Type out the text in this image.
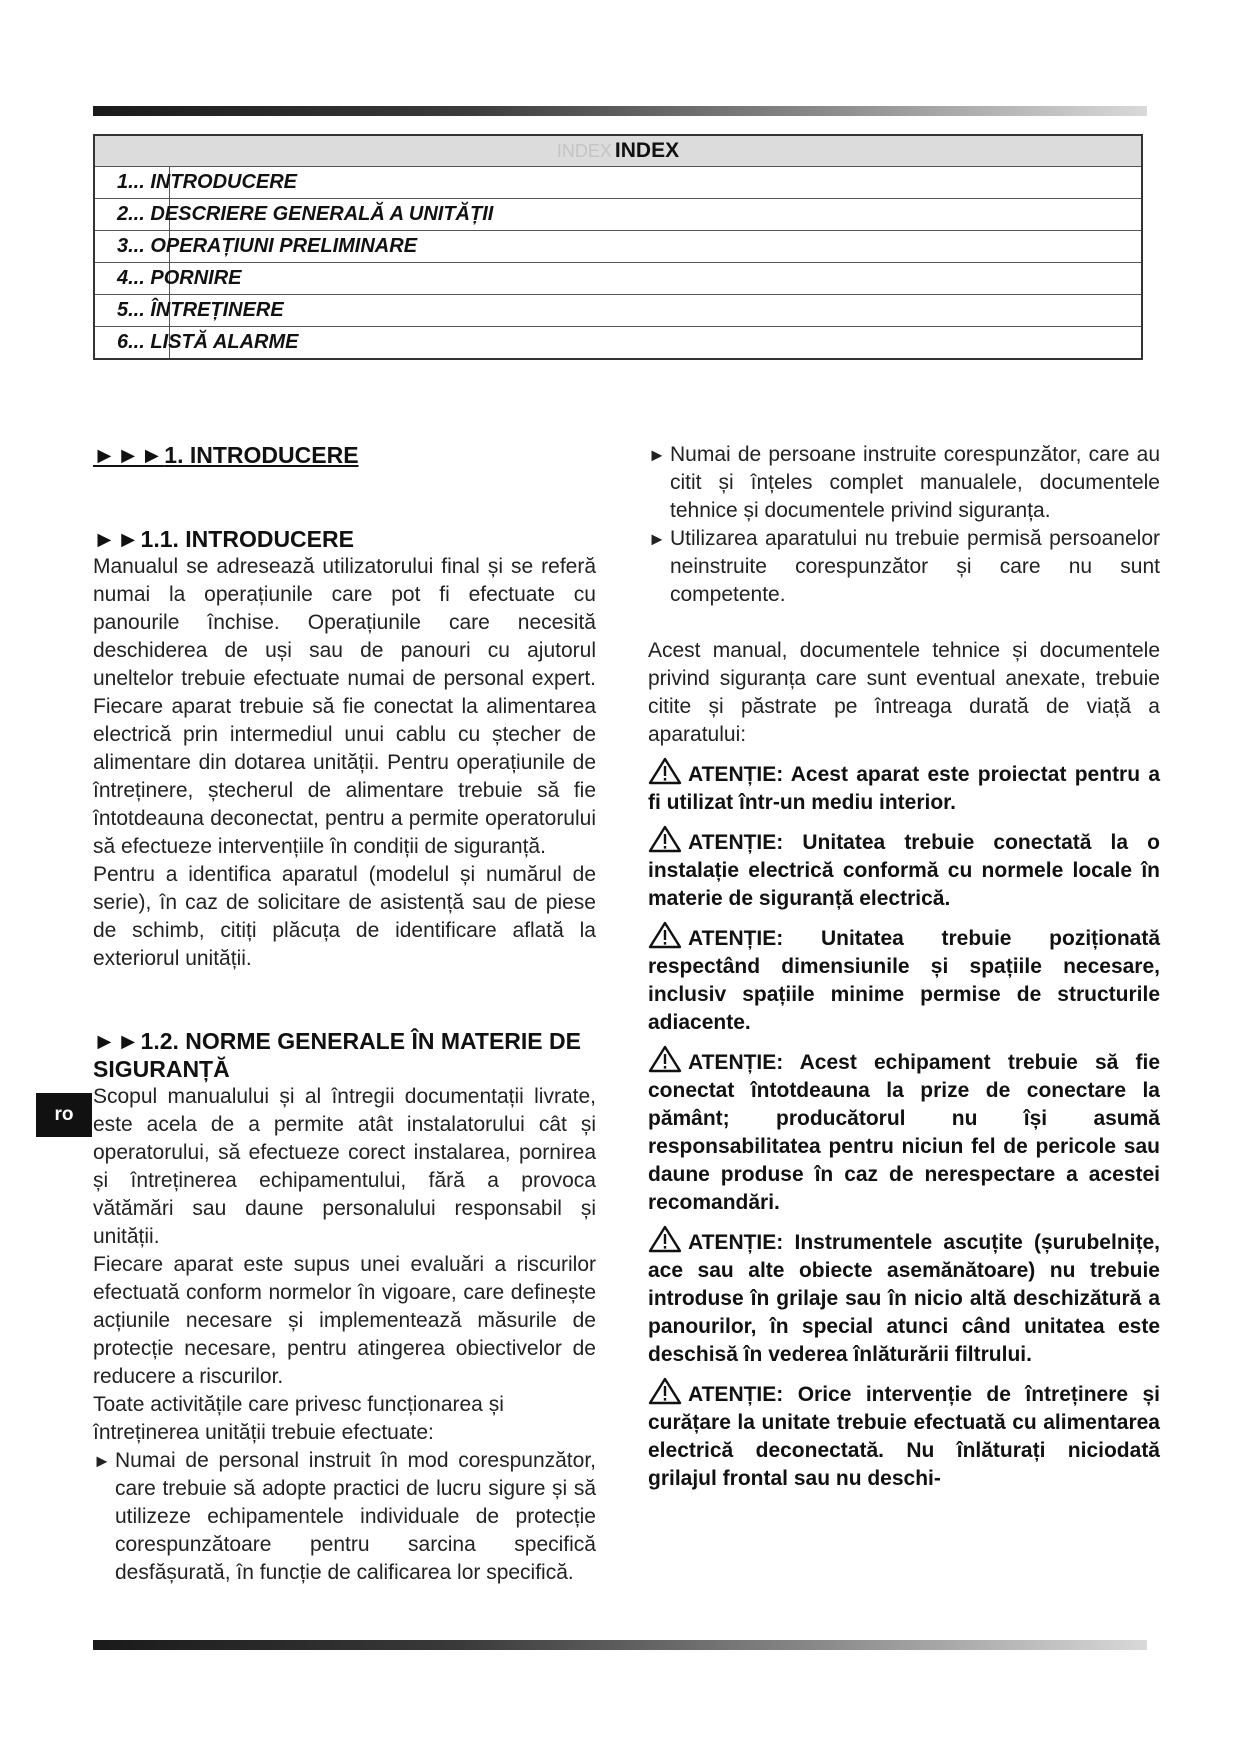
INDEX INDEX
1... INTRODUCERE
2... DESCRIERE GENERALĂ A UNITĂȚII
3... OPERAȚIUNI PRELIMINARE
4... PORNIRE
5... ÎNTREȚINERE
6... LISTĂ ALARME
►►►1. INTRODUCERE
►►1.1. INTRODUCERE

Manualul se adresează utilizatorului final și se referă numai la operațiunile care pot fi efectuate cu panourile închise. Operațiunile care necesită deschiderea de uși sau de panouri cu ajutorul uneltelor trebuie efectuate numai de personal expert. Fiecare aparat trebuie să fie conectat la alimentarea electrică prin intermediul unui cablu cu ștecher de alimentare din dotarea unității. Pentru operațiunile de întreținere, ștecherul de alimentare trebuie să fie întotdeauna deconectat, pentru a permite operatorului să efectueze intervențiile în condiții de siguranță.

Pentru a identifica aparatul (modelul și numărul de serie), în caz de solicitare de asistență sau de piese de schimb, citiți plăcuța de identificare aflată la exteriorul unității.

►►1.2. NORME GENERALE ÎN MATERIE DE SIGURANȚĂ

Scopul manualului și al întregii documentații livrate, este acela de a permite atât instalatorului cât și operatorului, să efectueze corect instalarea, pornirea și întreținerea echipamentului, fără a provoca vătămări sau daune personalului responsabil și unității.

Fiecare aparat este supus unei evaluări a riscurilor efectuată conform normelor în vigoare, care definește acțiunile necesare și implementează măsurile de protecție necesare, pentru atingerea obiectivelor de reducere a riscurilor.

Toate activitățile care privesc funcționarea și întreținerea unității trebuie efectuate:

► Numai de personal instruit în mod corespunzător, care trebuie să adopte practici de lucru sigure și să utilizeze echipamentele individuale de protecție corespunzătoare pentru sarcina specifică desfășurată, în funcție de calificarea lor specifică.
► Numai de persoane instruite corespunzător, care au citit și înțeles complet manualele, documentele tehnice și documentele privind siguranța.
► Utilizarea aparatului nu trebuie permisă persoanelor neinstruite corespunzător și care nu sunt competente.

Acest manual, documentele tehnice și documentele privind siguranța care sunt eventual anexate, trebuie citite și păstrate pe întreaga durată de viață a aparatului:

ATENȚIE: Acest aparat este proiectat pentru a fi utilizat într-un mediu interior.
ATENȚIE: Unitatea trebuie conectată la o instalație electrică conformă cu normele locale în materie de siguranță electrică.
ATENȚIE: Unitatea trebuie poziționată respectând dimensiunile și spațiile necesare, inclusiv spațiile minime permise de structurile adiacente.
ATENȚIE: Acest echipament trebuie să fie conectat întotdeauna la prize de conectare la pământ; producătorul nu își asumă responsabilitatea pentru niciun fel de pericole sau daune produse în caz de nerespectare a acestei recomandări.
ATENȚIE: Instrumentele ascuțite (șurubelnițe, ace sau alte obiecte asemănătoare) nu trebuie introduse în grilaje sau în nicio altă deschizătură a panourilor, în special atunci când unitatea este deschisă în vederea înlăturării filtrului.
ATENȚIE: Orice intervenție de întreținere și curățare la unitate trebuie efectuată cu alimentarea electrică deconectată. Nu înlăturați niciodată grilajul frontal sau nu deschi-
ro
